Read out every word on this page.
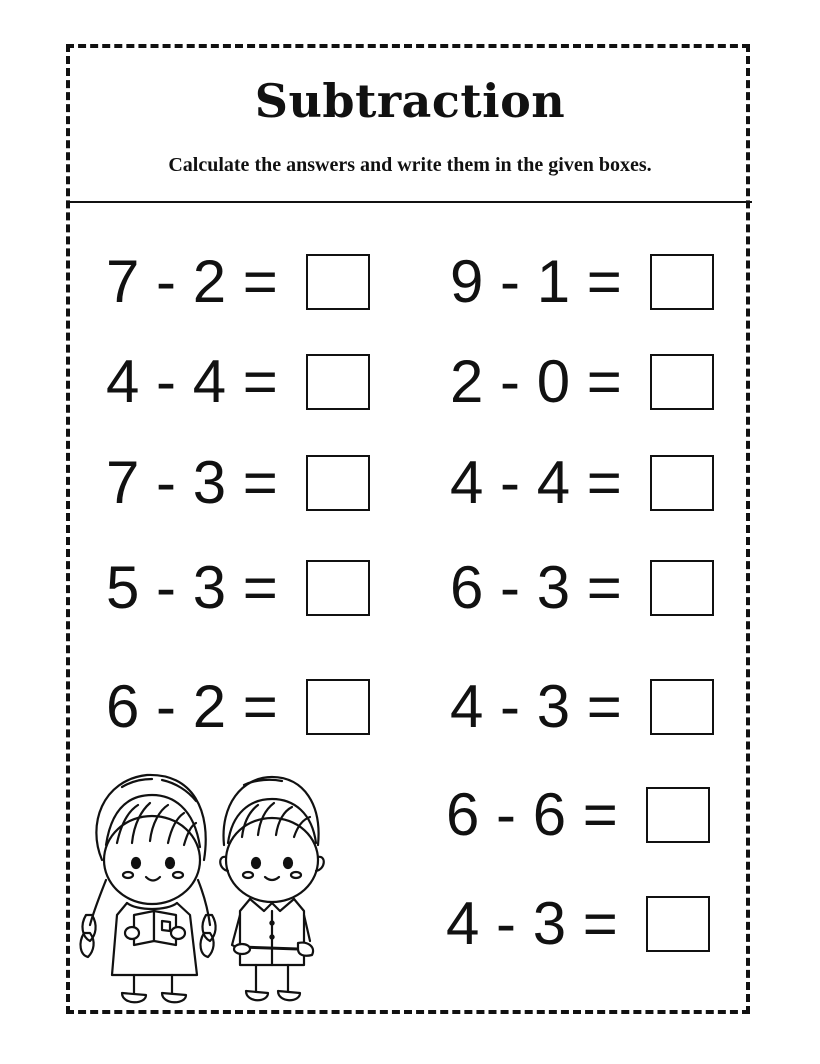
Subtraction
Calculate the answers and write them in the given boxes.
7 - 2 =
4 - 4 =
7 - 3 =
5 - 3 =
6 - 2 =
9 - 1 =
2 - 0 =
4 - 4 =
6 - 3 =
4 - 3 =
6 - 6 =
4 - 3 =
